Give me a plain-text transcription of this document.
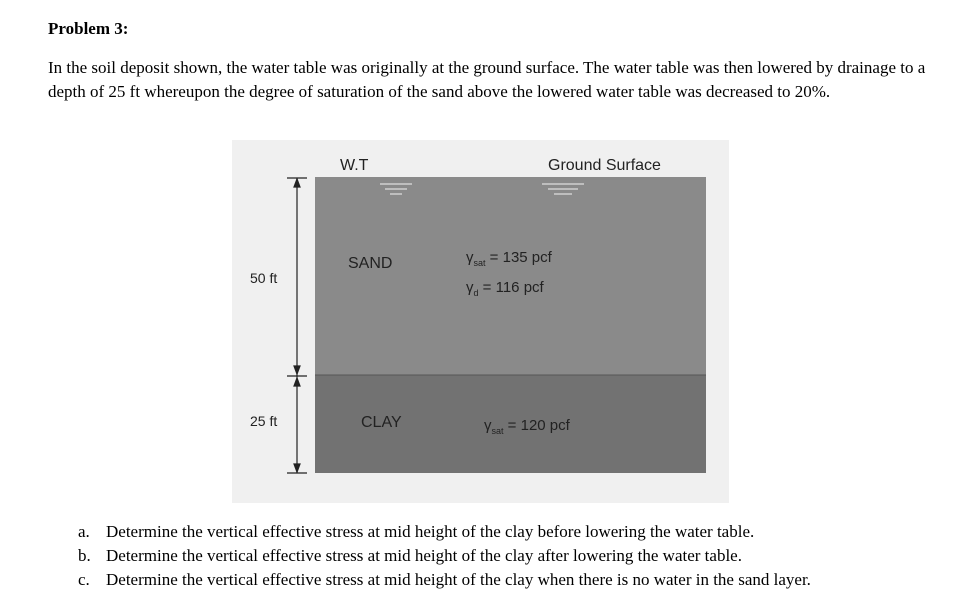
Problem 3:
In the soil deposit shown, the water table was originally at the ground surface. The water table was then lowered by drainage to a depth of 25 ft whereupon the degree of saturation of the sand above the lowered water table was decreased to 20%.
W.T	Ground Surface
50 ft
25 ft
SAND
CLAY
$\gamma_{sat} = 135$ pcf
$\gamma_d = 116$ pcf
$\gamma_{sat} = 120$ pcf
a. Determine the vertical effective stress at mid height of the clay before lowering the water table.
b. Determine the vertical effective stress at mid height of the clay after lowering the water table.
c. Determine the vertical effective stress at mid height of the clay when there is no water in the sand layer.
